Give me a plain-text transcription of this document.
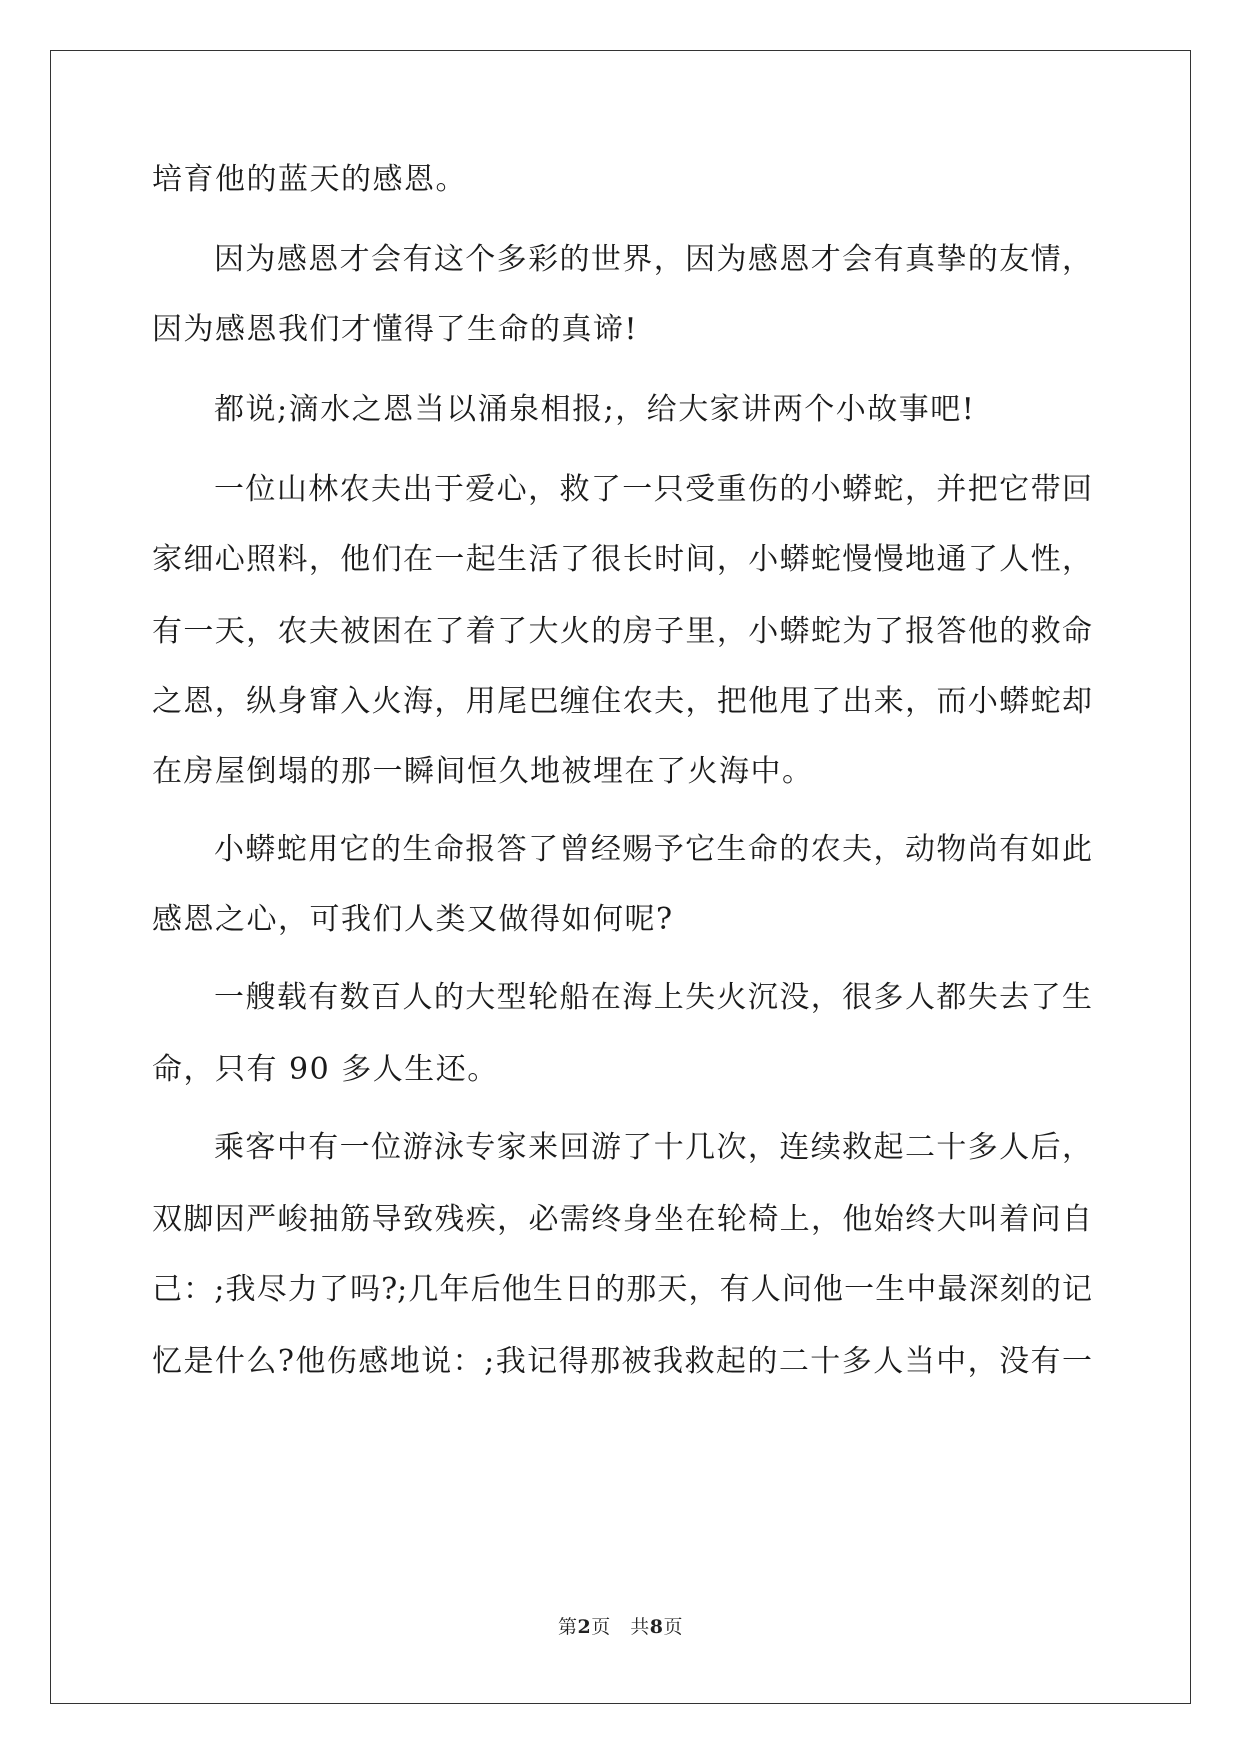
培育他的蓝天的感恩。
因为感恩才会有这个多彩的世界，因为感恩才会有真挚的友情，
因为感恩我们才懂得了生命的真谛!
都说;滴水之恩当以涌泉相报;，给大家讲两个小故事吧!
一位山林农夫出于爱心，救了一只受重伤的小蟒蛇，并把它带回
家细心照料，他们在一起生活了很长时间，小蟒蛇慢慢地通了人性，
有一天，农夫被困在了着了大火的房子里，小蟒蛇为了报答他的救命
之恩，纵身窜入火海，用尾巴缠住农夫，把他甩了出来，而小蟒蛇却
在房屋倒塌的那一瞬间恒久地被埋在了火海中。
小蟒蛇用它的生命报答了曾经赐予它生命的农夫，动物尚有如此
感恩之心，可我们人类又做得如何呢?
一艘载有数百人的大型轮船在海上失火沉没，很多人都失去了生
命，只有 90 多人生还。
乘客中有一位游泳专家来回游了十几次，连续救起二十多人后，
双脚因严峻抽筋导致残疾，必需终身坐在轮椅上，他始终大叫着问自
己：;我尽力了吗?;几年后他生日的那天，有人问他一生中最深刻的记
忆是什么?他伤感地说：;我记得那被我救起的二十多人当中，没有一
第2页　共8页
